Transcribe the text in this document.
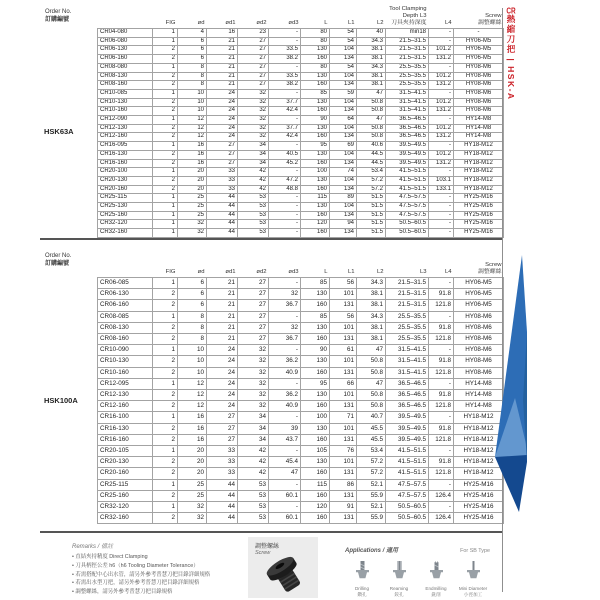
Order No.
訂購編號
HSK63A
	FIG	ød	ød1	ød2	ød3	L	L1	L2	
Tool Clamping
Depth L3
刀具夾持深度	L4	
Screw
調整螺絲

CR04-080	1	4	16	23	-	80	54	40	min18	-	-
CR06-080	1	6	21	27	-	80	54	34.3	21.5–31.5	-	HY06-M5
CR06-130	2	6	21	27	33.5	130	104	38.1	21.5–31.5	101.2	HY06-M5
CR06-160	2	6	21	27	38.2	160	134	38.1	21.5–31.5	131.2	HY06-M5
CR08-080	1	8	21	27	-	80	54	34.3	25.5–35.5	-	HY08-M6
CR08-130	2	8	21	27	33.5	130	104	38.1	25.5–35.5	101.2	HY08-M6
CR08-160	2	8	21	27	38.2	160	134	38.1	25.5–35.5	131.2	HY08-M6
CR10-085	1	10	24	32	-	85	59	47	31.5–41.5	-	HY08-M6
CR10-130	2	10	24	32	37.7	130	104	50.8	31.5–41.5	101.2	HY08-M6
CR10-160	2	10	24	32	42.4	160	134	50.8	31.5–41.5	131.2	HY08-M6
CR12-090	1	12	24	32	-	90	64	47	36.5–46.5	-	HY14-M8
CR12-130	2	12	24	32	37.7	130	104	50.8	36.5–46.5	101.2	HY14-M8
CR12-160	2	12	24	32	42.4	160	134	50.8	36.5–46.5	131.2	HY14-M8
CR16-095	1	16	27	34	-	95	69	40.6	39.5–49.5	-	HY18-M12
CR16-130	2	16	27	34	40.5	130	104	44.5	39.5–49.5	101.2	HY18-M12
CR16-160	2	16	27	34	45.2	160	134	44.5	39.5–49.5	131.2	HY18-M12
CR20-100	1	20	33	42	-	100	74	53.4	41.5–51.5	-	HY18-M12
CR20-130	2	20	33	42	47.2	130	104	57.2	41.5–51.5	103.1	HY18-M12
CR20-160	2	20	33	42	48.8	160	134	57.2	41.5–51.5	133.1	HY18-M12
CR25-115	1	25	44	53	-	115	89	51.5	47.5–57.5	-	HY25-M16
CR25-130	1	25	44	53	-	130	104	51.5	47.5–57.5	-	HY25-M16
CR25-160	1	25	44	53	-	160	134	51.5	47.5–57.5	-	HY25-M16
CR32-120	1	32	44	53	-	120	94	51.5	50.5–60.5	-	HY25-M16
CR32-160	1	32	44	53	-	160	134	51.5	50.5–60.5	-	HY25-M16
Order No.
訂購編號
HSK100A
	FIG	ød	ød1	ød2	ød3	L	L1	L2	L3	L4	Screw
調整螺絲

CR06-085	1	6	21	27	-	85	56	34.3	21.5–31.5	-	HY06-M5
CR06-130	2	6	21	27	32	130	101	38.1	21.5–31.5	91.8	HY06-M5
CR06-160	2	6	21	27	36.7	160	131	38.1	21.5–31.5	121.8	HY06-M5
CR08-085	1	8	21	27	-	85	56	34.3	25.5–35.5	-	HY08-M6
CR08-130	2	8	21	27	32	130	101	38.1	25.5–35.5	91.8	HY08-M6
CR08-160	2	8	21	27	36.7	160	131	38.1	25.5–35.5	121.8	HY08-M6
CR10-090	1	10	24	32	-	90	61	47	31.5–41.5	-	HY08-M6
CR10-130	2	10	24	32	36.2	130	101	50.8	31.5–41.5	91.8	HY08-M6
CR10-160	2	10	24	32	40.9	160	131	50.8	31.5–41.5	121.8	HY08-M6
CR12-095	1	12	24	32	-	95	66	47	36.5–46.5	-	HY14-M8
CR12-130	2	12	24	32	36.2	130	101	50.8	36.5–46.5	91.8	HY14-M8
CR12-160	2	12	24	32	40.9	160	131	50.8	36.5–46.5	121.8	HY14-M8
CR16-100	1	16	27	34	-	100	71	40.7	39.5–49.5	-	HY18-M12
CR16-130	2	16	27	34	39	130	101	45.5	39.5–49.5	91.8	HY18-M12
CR16-160	2	16	27	34	43.7	160	131	45.5	39.5–49.5	121.8	HY18-M12
CR20-105	1	20	33	42	-	105	76	53.4	41.5–51.5	-	HY18-M12
CR20-130	2	20	33	42	45.4	130	101	57.2	41.5–51.5	91.8	HY18-M12
CR20-160	2	20	33	42	47	160	131	57.2	41.5–51.5	121.8	HY18-M12
CR25-115	1	25	44	53	-	115	86	52.1	47.5–57.5	-	HY25-M16
CR25-160	2	25	44	53	60.1	160	131	55.9	47.5–57.5	126.4	HY25-M16
CR32-120	1	32	44	53	-	120	91	52.1	50.5–60.5	-	HY25-M16
CR32-160	2	32	44	53	60.1	160	131	55.9	50.5–60.5	126.4	HY25-M16
Remarks / 備註
• 直結夾持精度 Direct Clamping
• 刀具柄徑公差 h6（h6 Tooling Diameter Tolerance）
• 若需搭配中心出水管，請另外參考普慧刀把目錄詳細規格
• 若需出水型刀把，請另外參考普慧刀把目錄詳細規格
• 調整螺絲，請另外參考普慧刀把目錄規格
調整螺絲
Screw	Applications / 適用	For SB Type
Drilling
鑽孔
Reaming
鉸孔
Endmilling
銑削
Mini Diameter
小徑加工
CR熱縮刀把 | HSK-A
